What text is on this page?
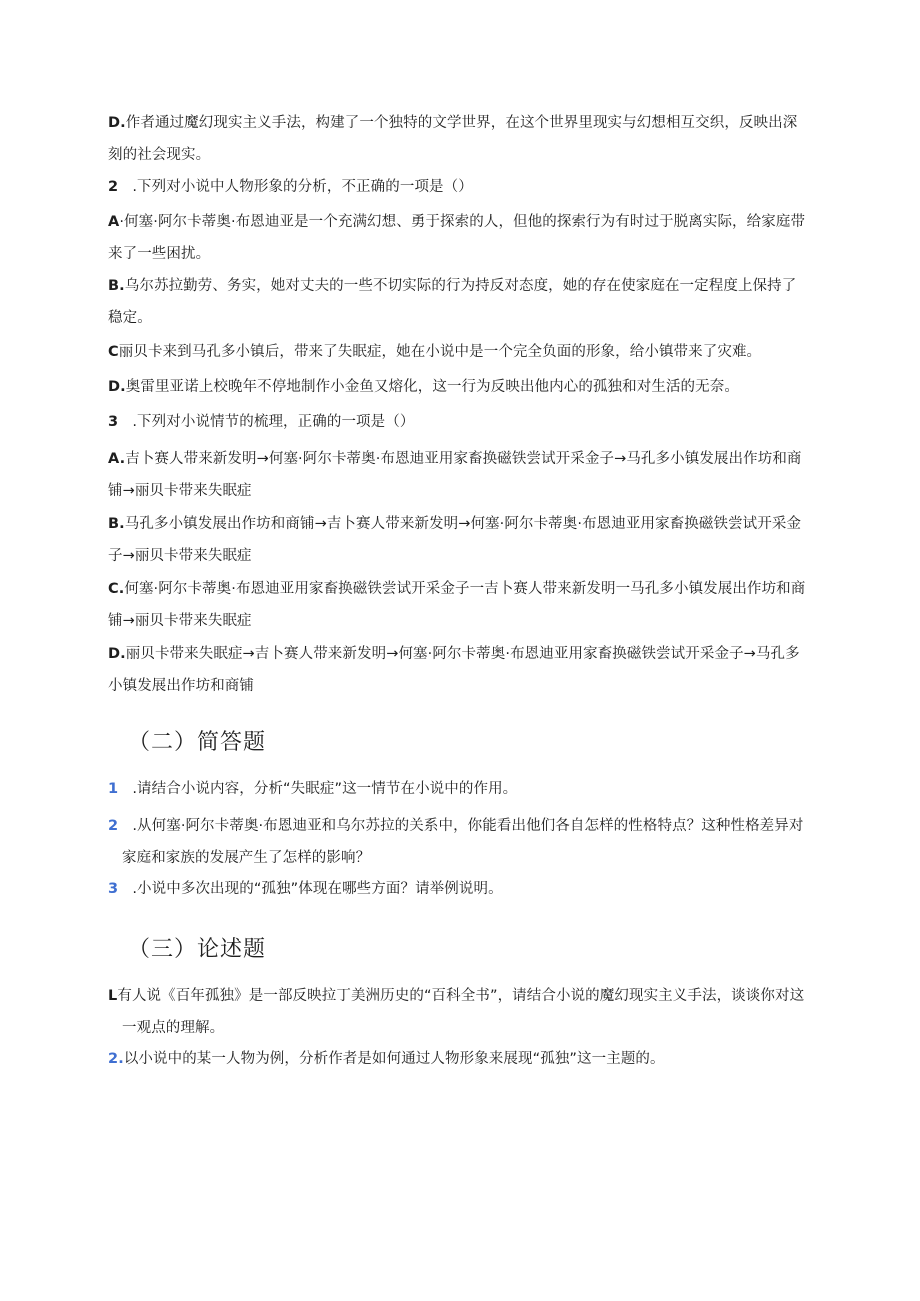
D.作者通过魔幻现实主义手法，构建了一个独特的文学世界，在这个世界里现实与幻想相互交织，反映出深刻的社会现实。

2 .下列对小说中人物形象的分析，不正确的一项是（）

A·何塞·阿尔卡蒂奥·布恩迪亚是一个充满幻想、勇于探索的人，但他的探索行为有时过于脱离实际，给家庭带来了一些困扰。

B.乌尔苏拉勤劳、务实，她对丈夫的一些不切实际的行为持反对态度，她的存在使家庭在一定程度上保持了稳定。

C丽贝卡来到马孔多小镇后，带来了失眠症，她在小说中是一个完全负面的形象，给小镇带来了灾难。

D.奥雷里亚诺上校晚年不停地制作小金鱼又熔化，这一行为反映出他内心的孤独和对生活的无奈。

3 .下列对小说情节的梳理，正确的一项是（）

A.吉卜赛人带来新发明→何塞·阿尔卡蒂奥·布恩迪亚用家畜换磁铁尝试开采金子→马孔多小镇发展出作坊和商铺→丽贝卡带来失眠症

B.马孔多小镇发展出作坊和商铺→吉卜赛人带来新发明→何塞·阿尔卡蒂奥·布恩迪亚用家畜换磁铁尝试开采金子→丽贝卡带来失眠症

C.何塞·阿尔卡蒂奥·布恩迪亚用家畜换磁铁尝试开采金子一吉卜赛人带来新发明一马孔多小镇发展出作坊和商铺→丽贝卡带来失眠症

D.丽贝卡带来失眠症→吉卜赛人带来新发明→何塞·阿尔卡蒂奥·布恩迪亚用家畜换磁铁尝试开采金子→马孔多小镇发展出作坊和商铺

（二）简答题

1 .请结合小说内容，分析“失眠症”这一情节在小说中的作用。

2 .从何塞·阿尔卡蒂奥·布恩迪亚和乌尔苏拉的关系中，你能看出他们各自怎样的性格特点？这种性格差异对家庭和家族的发展产生了怎样的影响？

3 .小说中多次出现的“孤独”体现在哪些方面？请举例说明。

（三）论述题

L有人说《百年孤独》是一部反映拉丁美洲历史的“百科全书”，请结合小说的魔幻现实主义手法，谈谈你对这一观点的理解。

2.以小说中的某一人物为例，分析作者是如何通过人物形象来展现“孤独”这一主题的。
